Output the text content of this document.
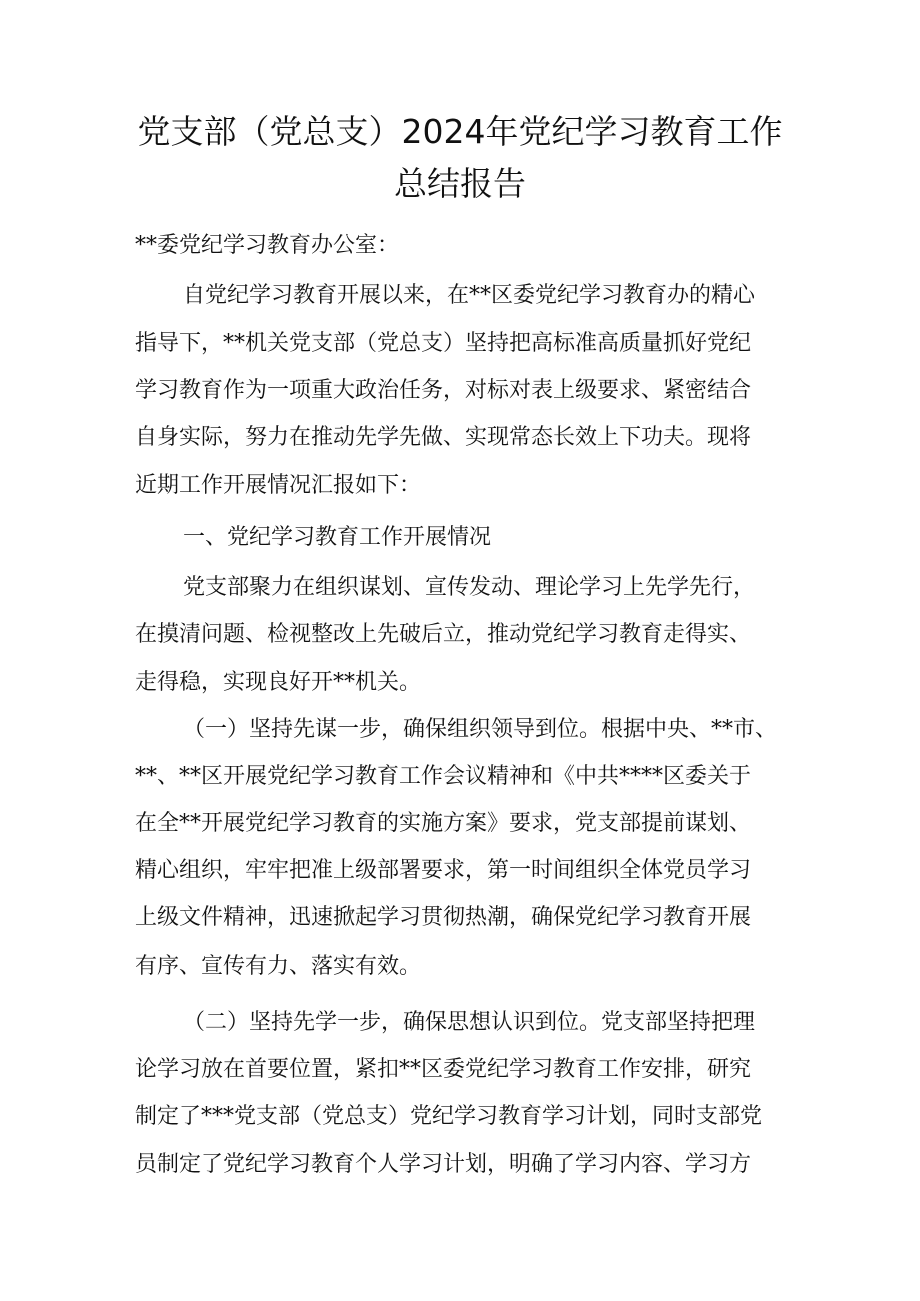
党支部（党总支）2024年党纪学习教育工作
总结报告
**委党纪学习教育办公室：
自党纪学习教育开展以来，在**区委党纪学习教育办的精心
指导下，**机关党支部（党总支）坚持把高标准高质量抓好党纪
学习教育作为一项重大政治任务，对标对表上级要求、紧密结合
自身实际，努力在推动先学先做、实现常态长效上下功夫。现将
近期工作开展情况汇报如下：
一、党纪学习教育工作开展情况
党支部聚力在组织谋划、宣传发动、理论学习上先学先行，
在摸清问题、检视整改上先破后立，推动党纪学习教育走得实、
走得稳，实现良好开**机关。
（一）坚持先谋一步，确保组织领导到位。根据中央、**市、
**、**区开展党纪学习教育工作会议精神和《中共****区委关于
在全**开展党纪学习教育的实施方案》要求，党支部提前谋划、
精心组织，牢牢把准上级部署要求，第一时间组织全体党员学习
上级文件精神，迅速掀起学习贯彻热潮，确保党纪学习教育开展
有序、宣传有力、落实有效。
（二）坚持先学一步，确保思想认识到位。党支部坚持把理
论学习放在首要位置，紧扣**区委党纪学习教育工作安排，研究
制定了***党支部（党总支）党纪学习教育学习计划，同时支部党
员制定了党纪学习教育个人学习计划，明确了学习内容、学习方
